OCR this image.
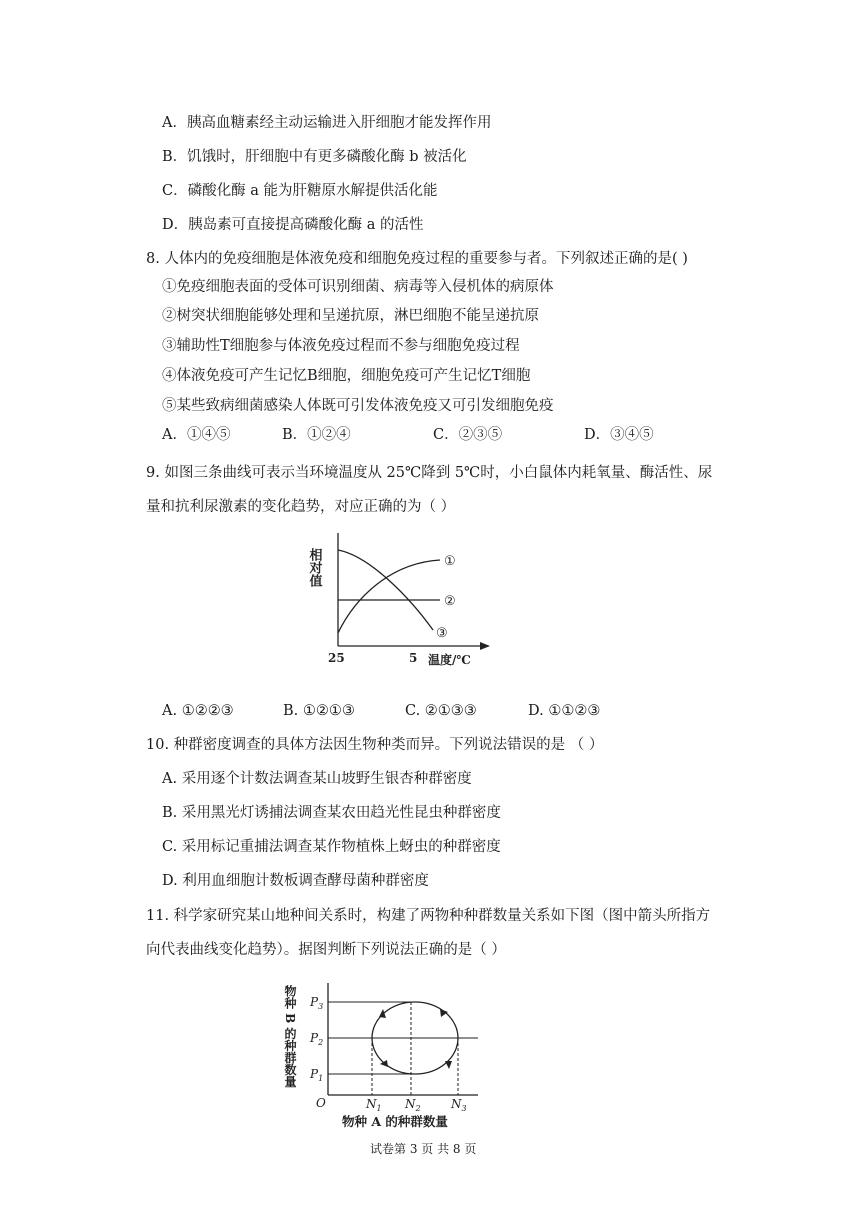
A．胰高血糖素经主动运输进入肝细胞才能发挥作用
B．饥饿时，肝细胞中有更多磷酸化酶 b 被活化
C．磷酸化酶 a 能为肝糖原水解提供活化能
D．胰岛素可直接提高磷酸化酶 a 的活性
8. 人体内的免疫细胞是体液免疫和细胞免疫过程的重要参与者。下列叙述正确的是( )
①免疫细胞表面的受体可识别细菌、病毒等入侵机体的病原体
②树突状细胞能够处理和呈递抗原，淋巴细胞不能呈递抗原
③辅助性T细胞参与体液免疫过程而不参与细胞免疫过程
④体液免疫可产生记忆B细胞，细胞免疫可产生记忆T细胞
⑤某些致病细菌感染人体既可引发体液免疫又可引发细胞免疫
A．①④⑤	B．①②④	C．②③⑤	D．③④⑤
9. 如图三条曲线可表示当环境温度从 25℃降到 5℃时，小白鼠体内耗氧量、酶活性、尿
量和抗利尿激素的变化趋势，对应正确的为（ ）
相对值	①
②
③
25	5 温度/℃
A. ①②②③	B. ①②①③	C. ②①③③	D. ①①②③
10. 种群密度调查的具体方法因生物种类而异。下列说法错误的是 （ ）
A. 采用逐个计数法调查某山坡野生银杏种群密度
B. 采用黑光灯诱捕法调查某农田趋光性昆虫种群密度
C. 采用标记重捕法调查某作物植株上蚜虫的种群密度
D. 利用血细胞计数板调查酵母菌种群密度
11. 科学家研究某山地种间关系时，构建了两物种种群数量关系如下图（图中箭头所指方
向代表曲线变化趋势）。据图判断下列说法正确的是（ ）
物种 B 的种群数量 $P_3$
$P_2$
$P_1$
O	$N_1$ $N_2$	$N_3$
物种 A 的种群数量
试卷第 3 页 共 8 页
